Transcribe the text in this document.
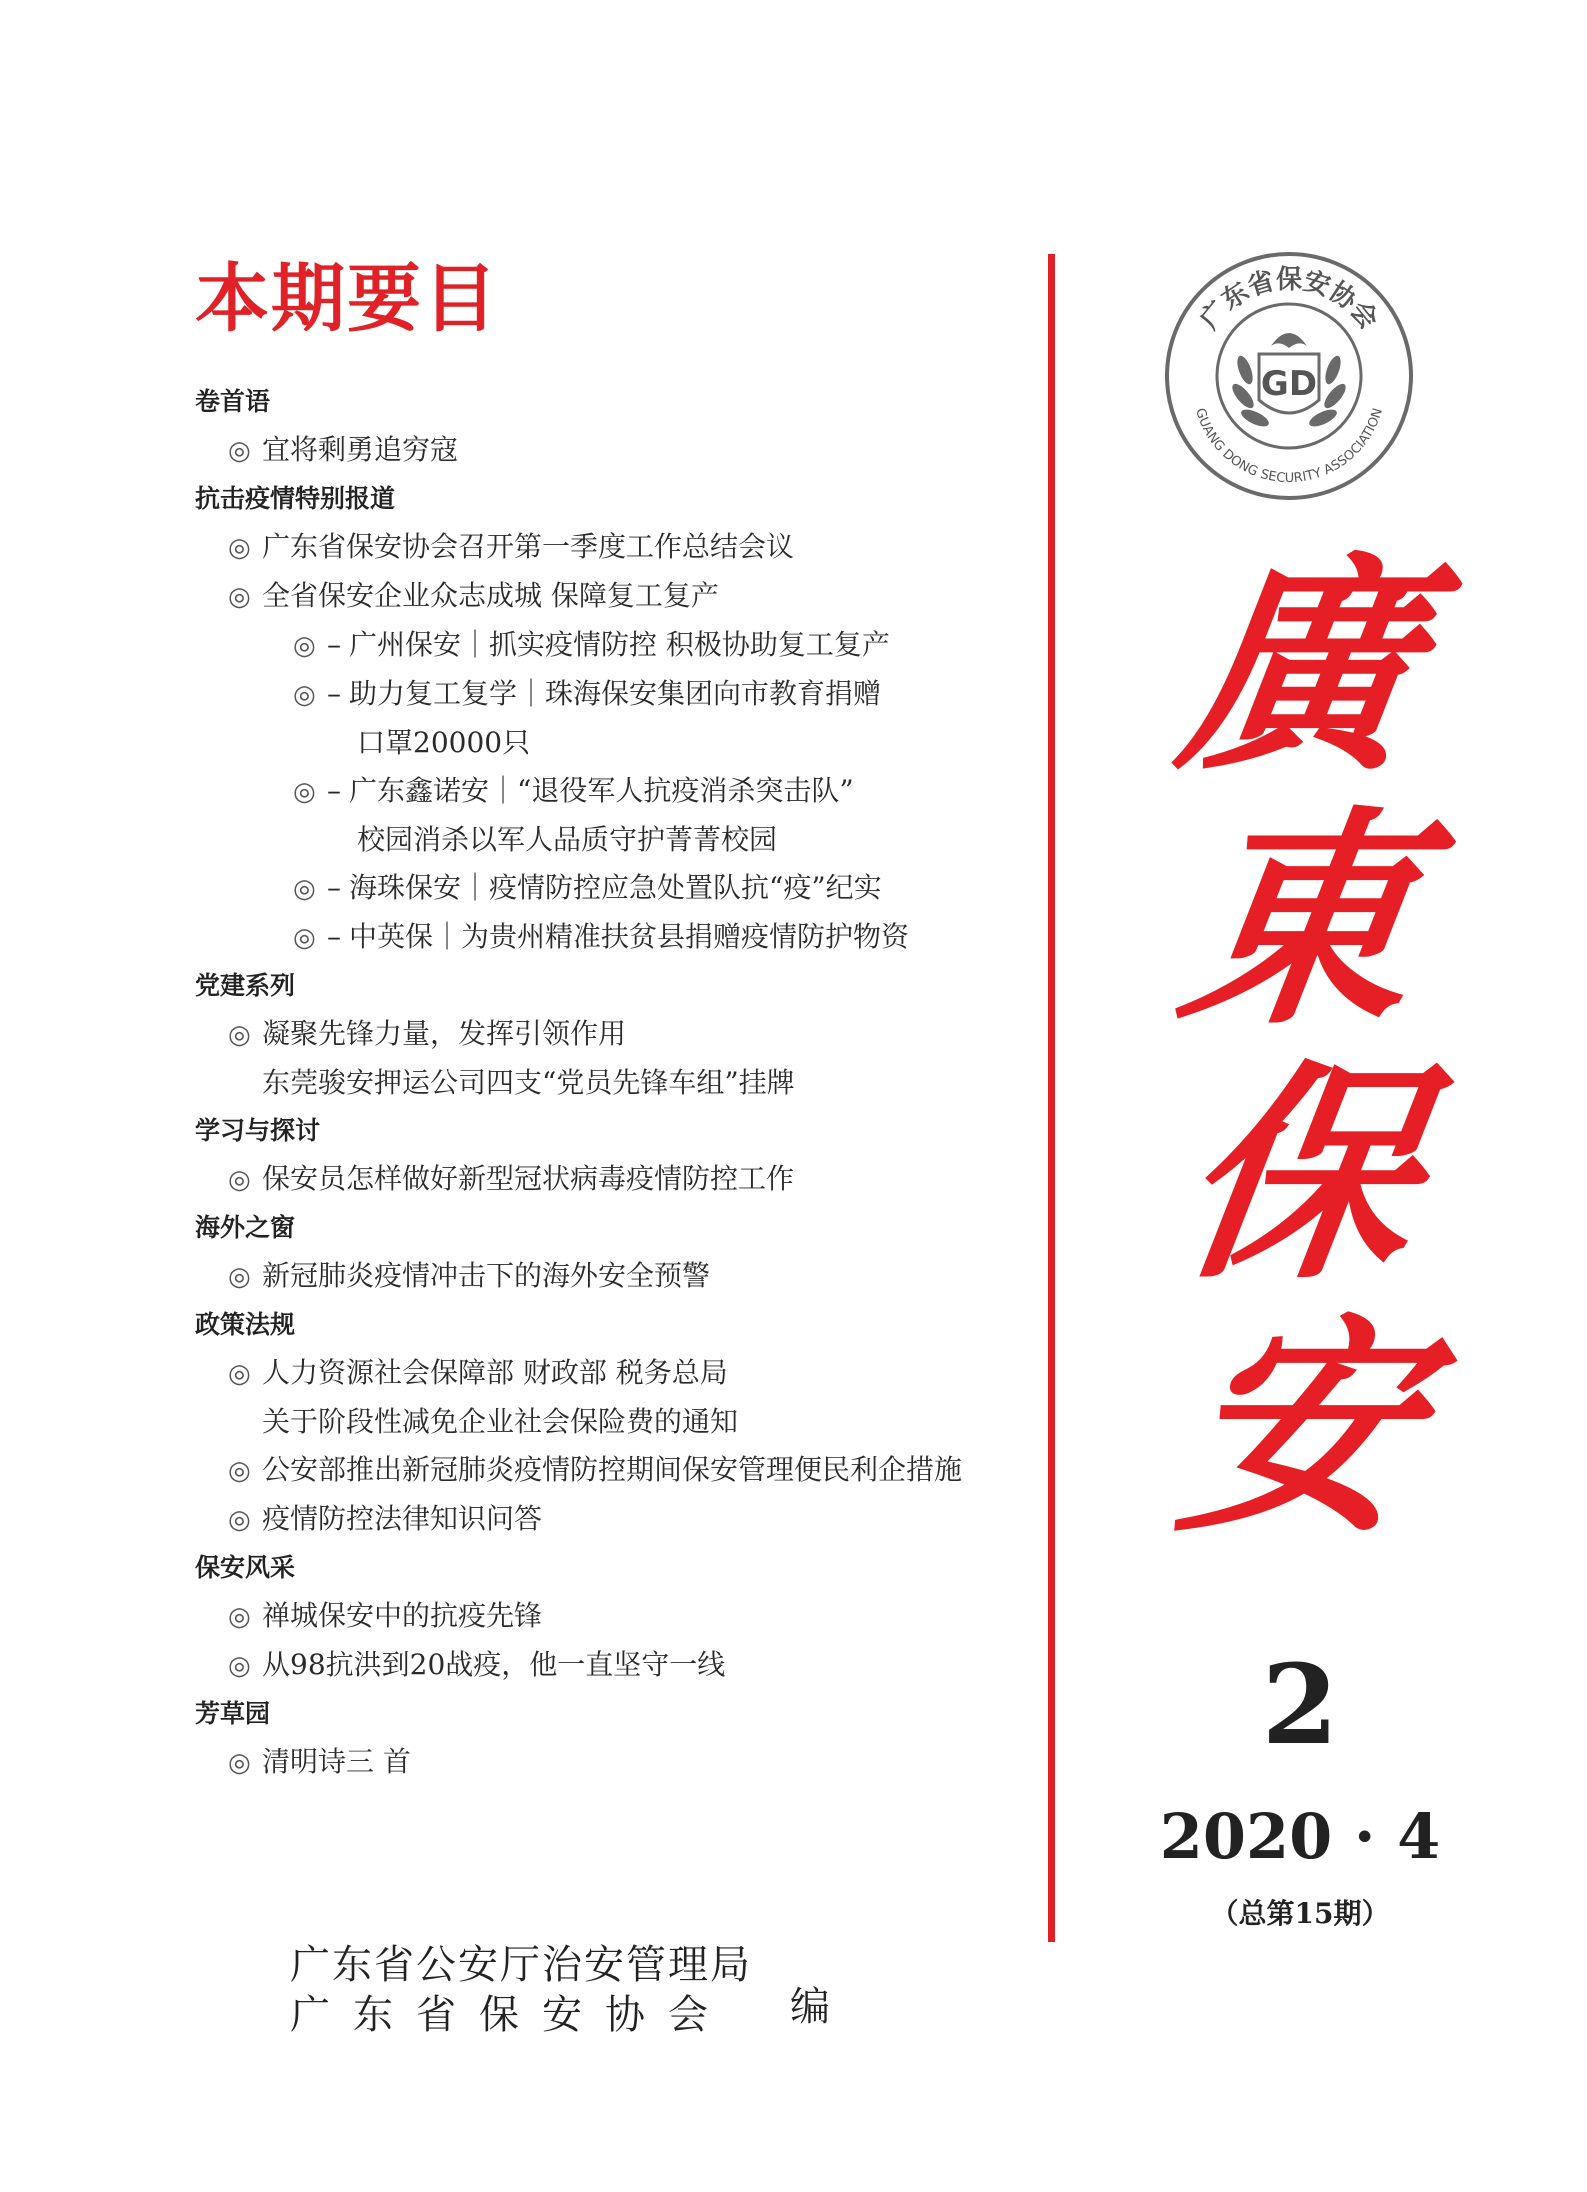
本期要目
卷首语
◎ 宜将剩勇追穷寇
抗击疫情特别报道
◎ 广东省保安协会召开第一季度工作总结会议
◎ 全省保安企业众志成城 保障复工复产
◎ – 广州保安｜抓实疫情防控 积极协助复工复产
◎ – 助力复工复学｜珠海保安集团向市教育捐赠
口罩20000只
◎ – 广东鑫诺安｜“退役军人抗疫消杀突击队”
校园消杀以军人品质守护菁菁校园
◎ – 海珠保安｜疫情防控应急处置队抗“疫”纪实
◎ – 中英保｜为贵州精准扶贫县捐赠疫情防护物资
党建系列
◎ 凝聚先锋力量，发挥引领作用
东莞骏安押运公司四支“党员先锋车组”挂牌
学习与探讨
◎ 保安员怎样做好新型冠状病毒疫情防控工作
海外之窗
◎ 新冠肺炎疫情冲击下的海外安全预警
政策法规
◎ 人力资源社会保障部 财政部 税务总局
关于阶段性减免企业社会保险费的通知
◎ 公安部推出新冠肺炎疫情防控期间保安管理便民利企措施
◎ 疫情防控法律知识问答
保安风采
◎ 禅城保安中的抗疫先锋
◎ 从98抗洪到20战疫，他一直坚守一线
芳草园
◎ 清明诗三 首
广东省保安协会
GUANG DONG SECURITY ASSOCIATION
GD
廣
東
保
安
2
2020 · 4
（总第15期）
广东省公安厅治安管理局
广东省保安协会	编
